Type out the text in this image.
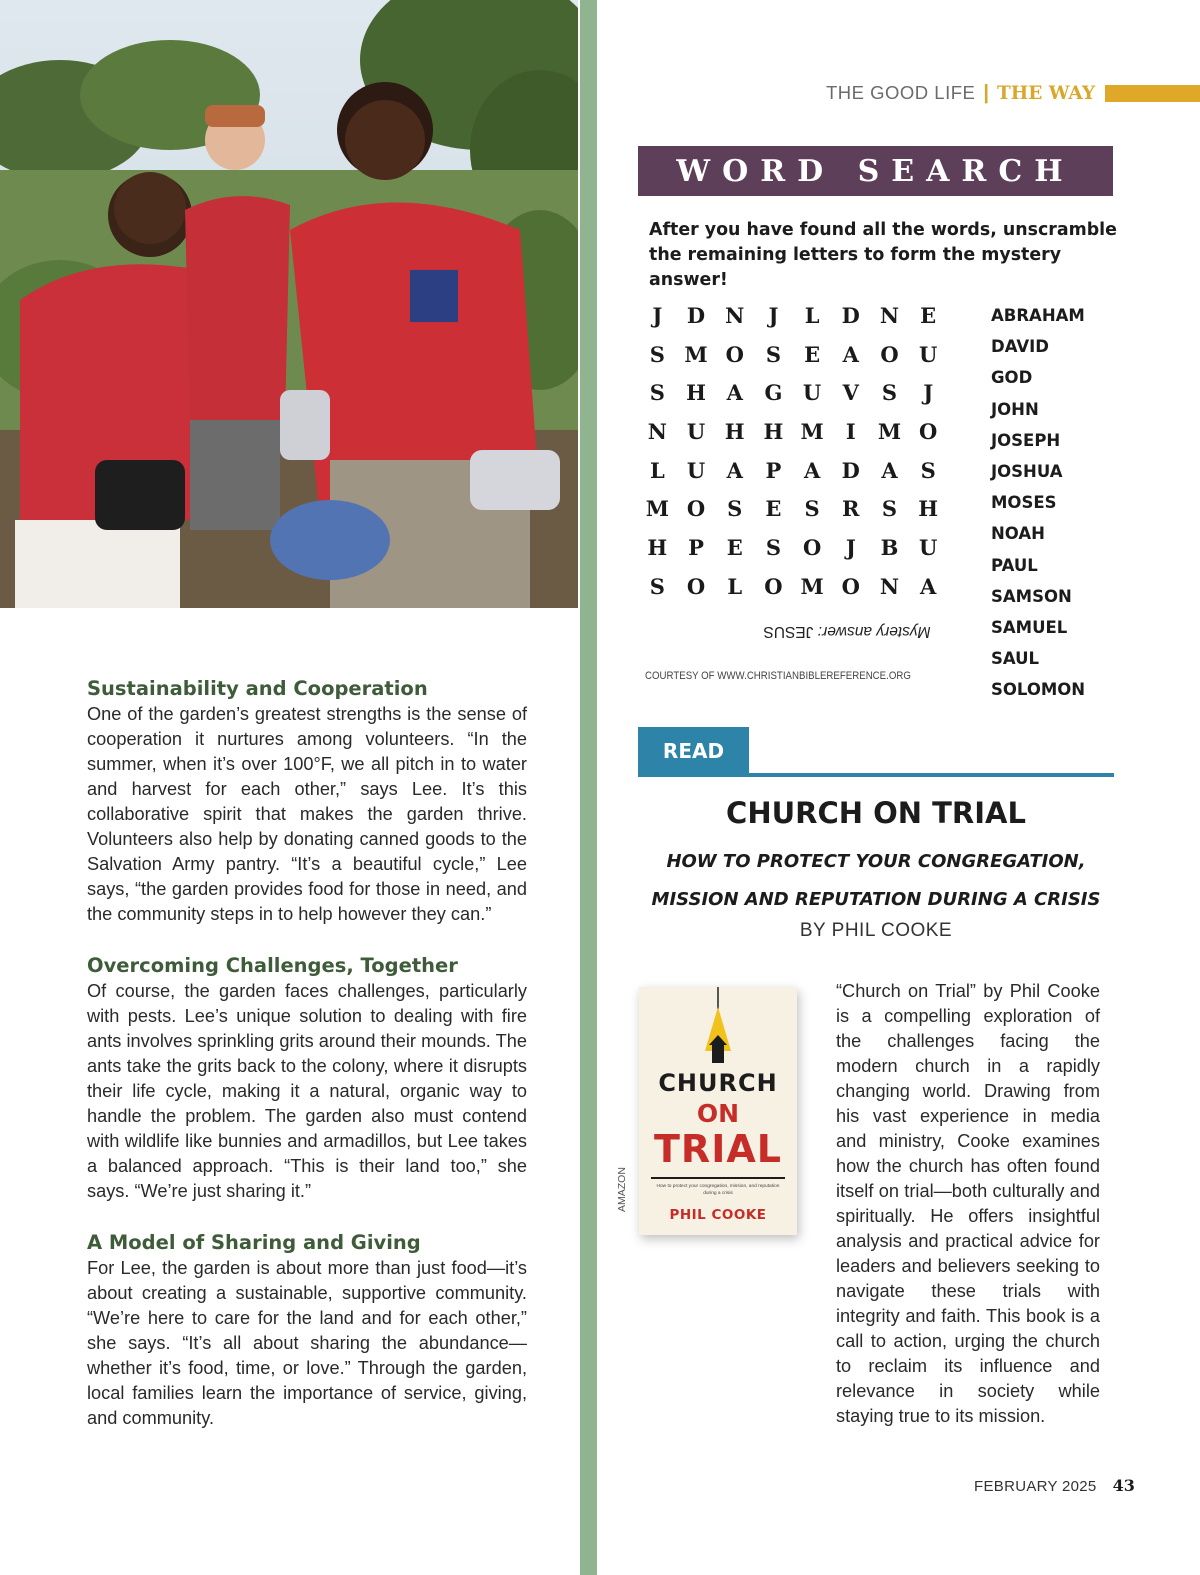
Sustainability and Cooperation

One of the garden’s greatest strengths is the sense of cooperation it nurtures among volunteers. “In the summer, when it’s over 100°F, we all pitch in to water and harvest for each other,” says Lee. It’s this collaborative spirit that makes the garden thrive. Volunteers also help by donating canned goods to the Salvation Army pantry. “It’s a beautiful cycle,” Lee says, “the garden provides food for those in need, and the community steps in to help however they can.”

Overcoming Challenges, Together

Of course, the garden faces challenges, particularly with pests. Lee’s unique solution to dealing with fire ants involves sprinkling grits around their mounds. The ants take the grits back to the colony, where it disrupts their life cycle, making it a natural, organic way to handle the problem. The garden also must contend with wildlife like bunnies and armadillos, but Lee takes a balanced approach. “This is their land too,” she says. “We’re just sharing it.”

A Model of Sharing and Giving

For Lee, the garden is about more than just food—it’s about creating a sustainable, supportive community. “We’re here to care for the land and for each other,” she says. “It’s all about sharing the abundance—whether it’s food, time, or love.” Through the garden, local families learn the importance of service, giving, and community.

THE GOOD LIFE | THE WAY
WORD SEARCH
After you have found all the words, unscramble the remaining letters to form the mystery answer!
J	D N	J	L	D N	E
S M O	S	E	A	O U
S	H A	G U	V	S	J
N U H H M	I	M O
L	U	A	P	A	D	A	S
M O	S	E	S	R	S	H
H P	E	S	O	J	B U
S	O	L	O M O N A
Mystery answer: JESUS
COURTESY OF WWW.CHRISTIANBIBLEREFERENCE.ORG
ABRAHAM
DAVID
GOD
JOHN
JOSEPH
JOSHUA
MOSES
NOAH
PAUL
SAMSON
SAMUEL
SAUL
SOLOMON
READ
CHURCH ON TRIAL
HOW TO PROTECT YOUR CONGREGATION,
MISSION AND REPUTATION DURING A CRISIS
BY PHIL COOKE
CHURCH
ON
TRIAL
How to protect your congregation, mission, and reputation during a crisis
PHIL COOKE
AMAZON

“Church on Trial” by Phil Cooke is a compelling exploration of the challenges facing the modern church in a rapidly changing world. Drawing from his vast experience in media and ministry, Cooke examines how the church has often found itself on trial—both culturally and spiritually. He offers insightful analysis and practical advice for leaders and believers seeking to navigate these trials with integrity and faith. This book is a call to action, urging the church to reclaim its influence and relevance in society while staying true to its mission.

FEBRUARY 2025 43
